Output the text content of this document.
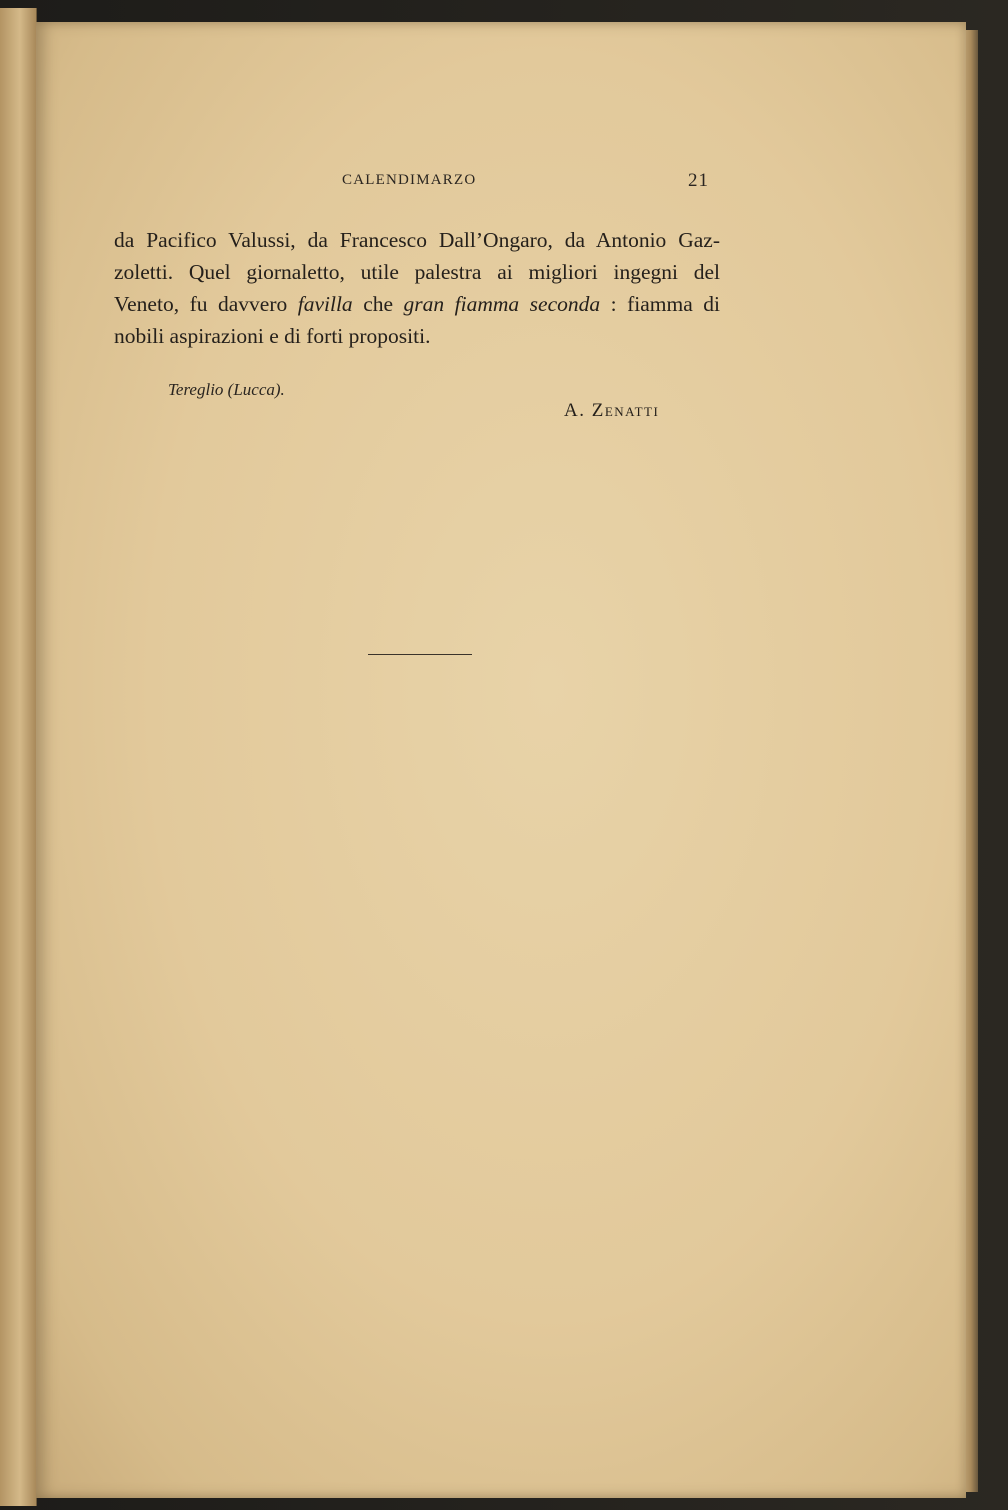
CALENDIMARZO	21
da Pacifico Valussi, da Francesco Dall’Ongaro, da Antonio Gaz-
zoletti. Quel giornaletto, utile palestra ai migliori ingegni del
Veneto, fu davvero favilla che gran fiamma seconda : fiamma di
nobili aspirazioni e di forti propositi.
Tereglio (Lucca).
A. Zenatti
